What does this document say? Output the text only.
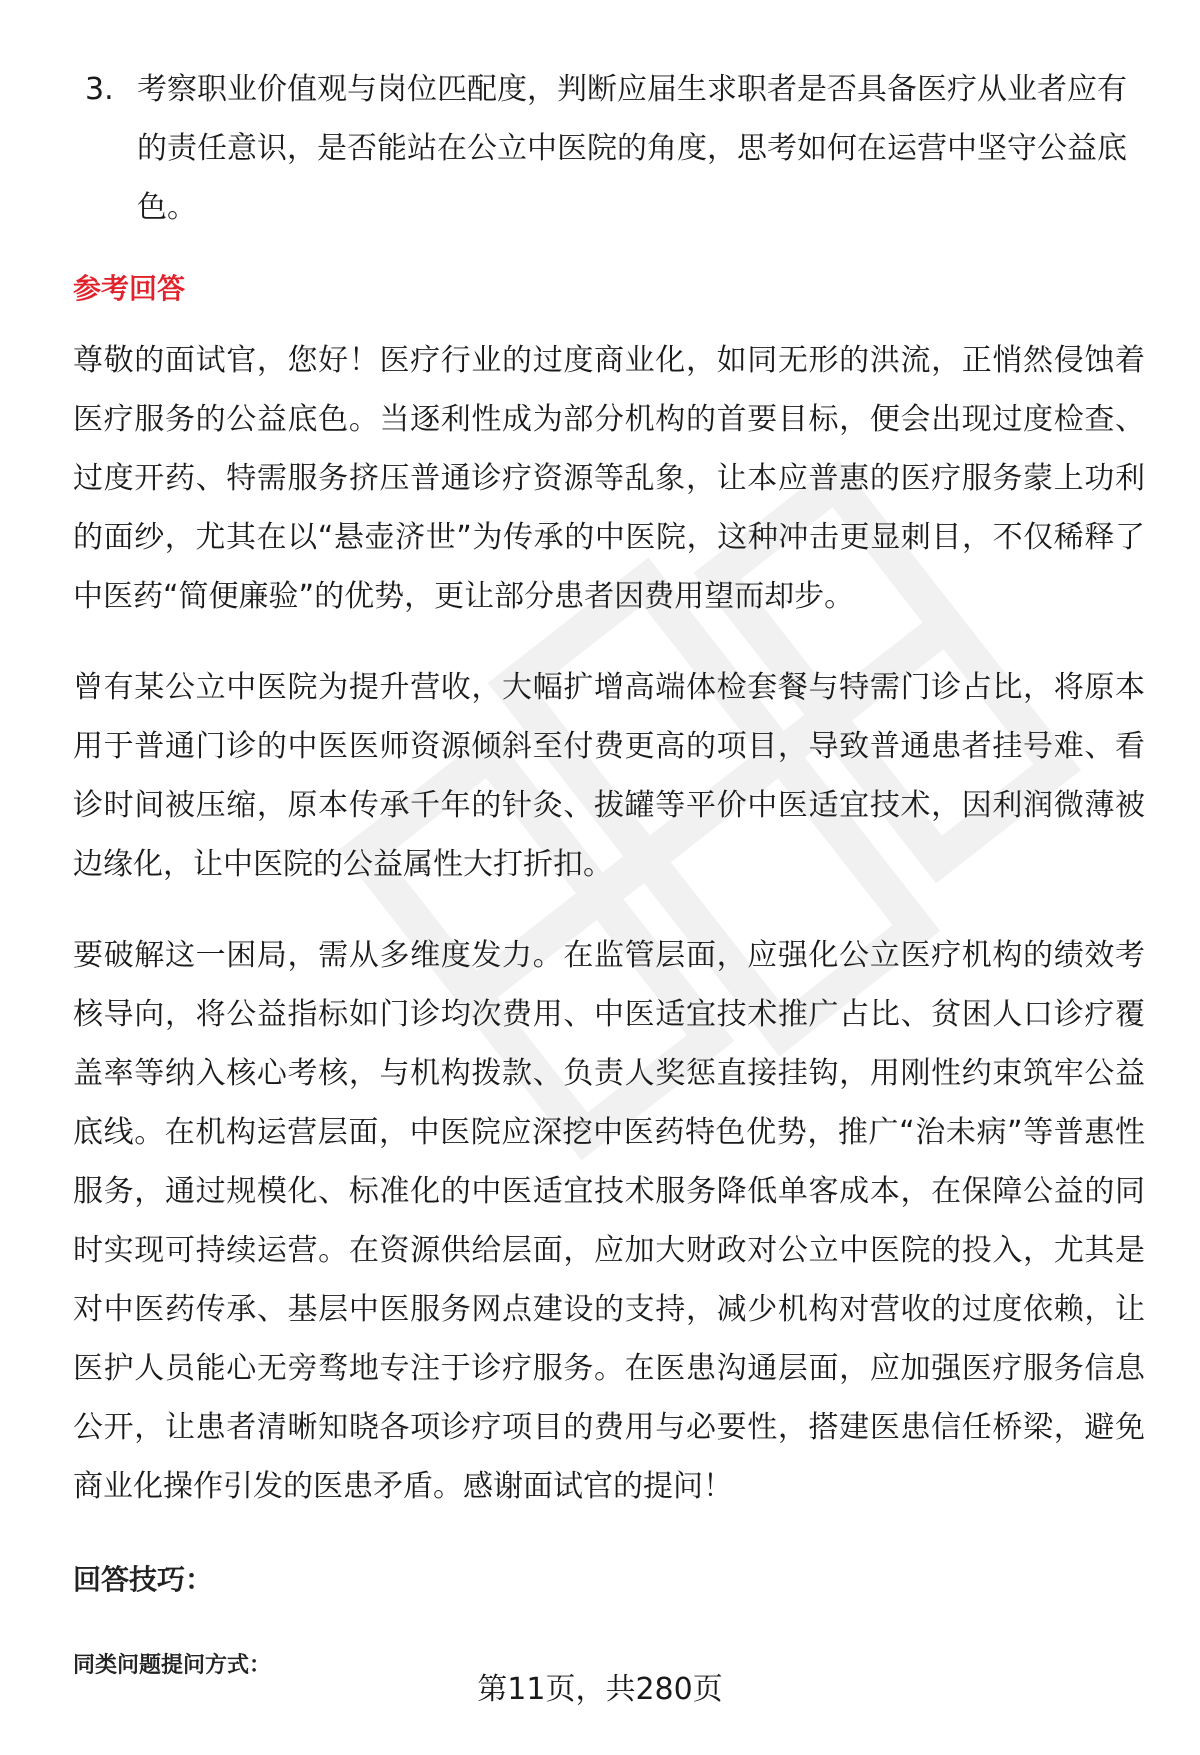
3. 考察职业价值观与岗位匹配度，判断应届生求职者是否具备医疗从业者应有的责任意识，是否能站在公立中医院的角度，思考如何在运营中坚守公益底色。
参考回答

尊敬的面试官，您好！医疗行业的过度商业化，如同无形的洪流，正悄然侵蚀着医疗服务的公益底色。当逐利性成为部分机构的首要目标，便会出现过度检查、过度开药、特需服务挤压普通诊疗资源等乱象，让本应普惠的医疗服务蒙上功利的面纱，尤其在以“悬壶济世”为传承的中医院，这种冲击更显刺目，不仅稀释了中医药“简便廉验”的优势，更让部分患者因费用望而却步。

曾有某公立中医院为提升营收，大幅扩增高端体检套餐与特需门诊占比，将原本用于普通门诊的中医医师资源倾斜至付费更高的项目，导致普通患者挂号难、看诊时间被压缩，原本传承千年的针灸、拔罐等平价中医适宜技术，因利润微薄被边缘化，让中医院的公益属性大打折扣。

要破解这一困局，需从多维度发力。在监管层面，应强化公立医疗机构的绩效考核导向，将公益指标如门诊均次费用、中医适宜技术推广占比、贫困人口诊疗覆盖率等纳入核心考核，与机构拨款、负责人奖惩直接挂钩，用刚性约束筑牢公益底线。在机构运营层面，中医院应深挖中医药特色优势，推广“治未病”等普惠性服务，通过规模化、标准化的中医适宜技术服务降低单客成本，在保障公益的同时实现可持续运营。在资源供给层面，应加大财政对公立中医院的投入，尤其是对中医药传承、基层中医服务网点建设的支持，减少机构对营收的过度依赖，让医护人员能心无旁骛地专注于诊疗服务。在医患沟通层面，应加强医疗服务信息公开，让患者清晰知晓各项诊疗项目的费用与必要性，搭建医患信任桥梁，避免商业化操作引发的医患矛盾。感谢面试官的提问！

回答技巧：
同类问题提问方式：
第11页，共280页
